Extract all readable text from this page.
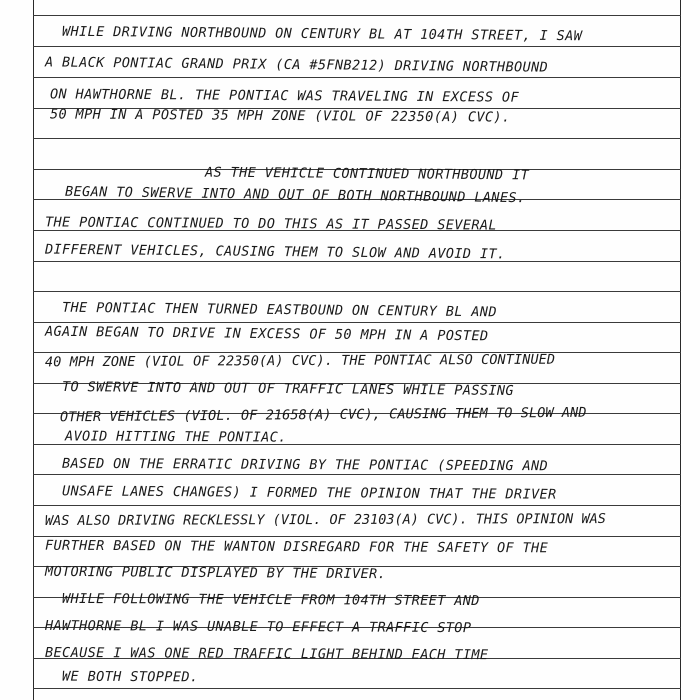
WHILE DRIVING NORTHBOUND ON CENTURY BL AT 104TH STREET, I SAW
A BLACK PONTIAC GRAND PRIX (CA #5FNB212) DRIVING NORTHBOUND
ON HAWTHORNE BL. THE PONTIAC WAS TRAVELING IN EXCESS OF
50 MPH IN A POSTED 35 MPH ZONE (VIOL OF 22350(A) CVC).
AS THE VEHICLE CONTINUED NORTHBOUND IT
BEGAN TO SWERVE INTO AND OUT OF BOTH NORTHBOUND LANES.
THE PONTIAC CONTINUED TO DO THIS AS IT PASSED SEVERAL
DIFFERENT VEHICLES, CAUSING THEM TO SLOW AND AVOID IT.
THE PONTIAC THEN TURNED EASTBOUND ON CENTURY BL AND
AGAIN BEGAN TO DRIVE IN EXCESS OF 50 MPH IN A POSTED
40 MPH ZONE (VIOL OF 22350(A) CVC). THE PONTIAC ALSO CONTINUED
TO SWERVE INTO AND OUT OF TRAFFIC LANES WHILE PASSING
OTHER VEHICLES (VIOL. OF 21658(A) CVC), CAUSING THEM TO SLOW AND
AVOID HITTING THE PONTIAC.
BASED ON THE ERRATIC DRIVING BY THE PONTIAC (SPEEDING AND
UNSAFE LANES CHANGES) I FORMED THE OPINION THAT THE DRIVER
WAS ALSO DRIVING RECKLESSLY (VIOL. OF 23103(A) CVC). THIS OPINION WAS
FURTHER BASED ON THE WANTON DISREGARD FOR THE SAFETY OF THE
MOTORING PUBLIC DISPLAYED BY THE DRIVER.
WHILE FOLLOWING THE VEHICLE FROM 104TH STREET AND
HAWTHORNE BL I WAS UNABLE TO EFFECT A TRAFFIC STOP
BECAUSE I WAS ONE RED TRAFFIC LIGHT BEHIND EACH TIME
WE BOTH STOPPED.
